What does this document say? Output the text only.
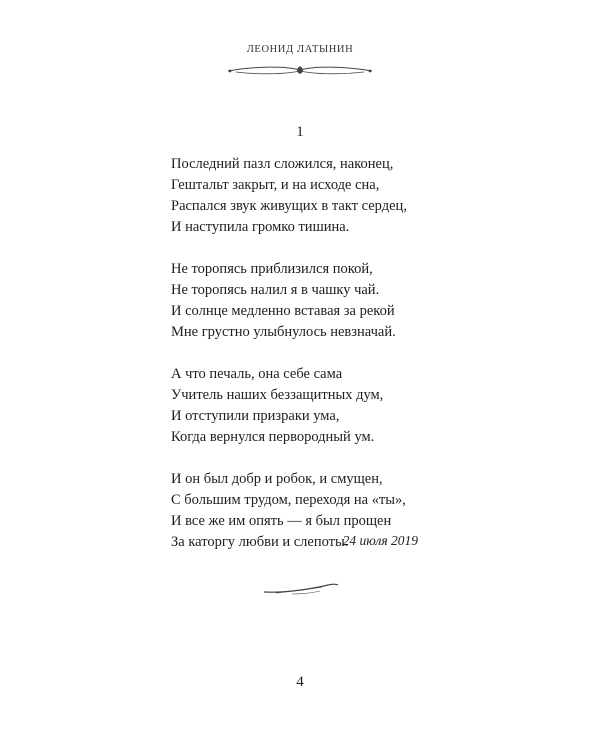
ЛЕОНИД ЛАТЫНИН
1
Последний пазл сложился, наконец,
Гештальт закрыт, и на исходе сна,
Распался звук живущих в такт сердец,
И наступила громко тишина.
Не торопясь приблизился покой,
Не торопясь налил я в чашку чай.
И солнце медленно вставая за рекой
Мне грустно улыбнулось невзначай.
А что печаль, она себе сама
Учитель наших беззащитных дум,
И отступили призраки ума,
Когда вернулся первородный ум.
И он был добр и робок, и смущен,
С большим трудом, переходя на «ты»,
И все же им опять — я был прощен
За каторгу любви и слепоты.
24 июля 2019
4
